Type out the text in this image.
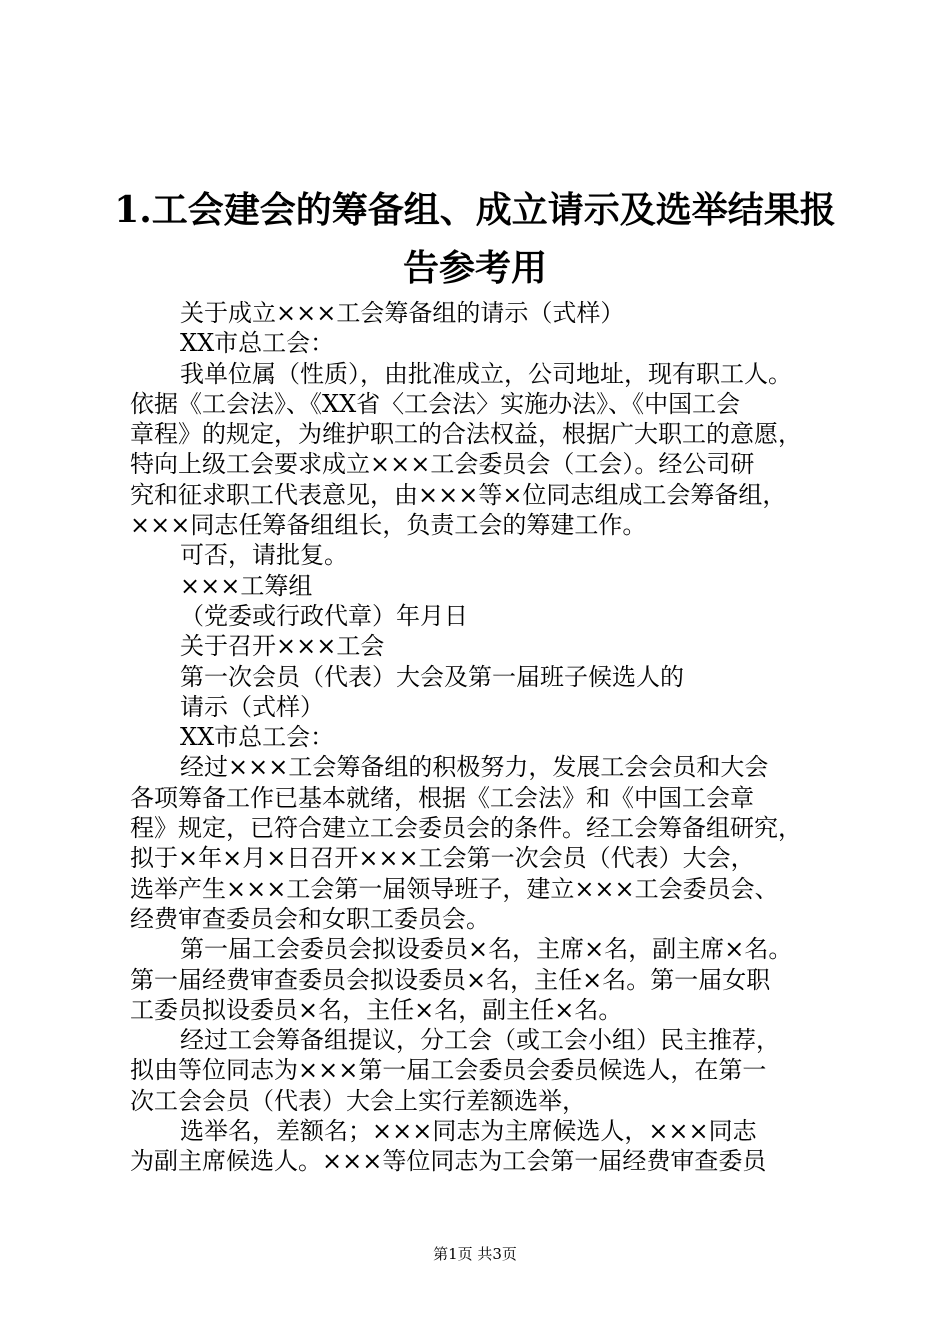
1.工会建会的筹备组、成立请示及选举结果报
告参考用
关于成立×××工会筹备组的请示（式样）
XX市总工会：
我单位属（性质），由批准成立，公司地址，现有职工人。
依据《工会法》、《XX省〈工会法〉实施办法》、《中国工会
章程》的规定，为维护职工的合法权益，根据广大职工的意愿，
特向上级工会要求成立×××工会委员会（工会）。经公司研
究和征求职工代表意见，由×××等×位同志组成工会筹备组，
×××同志任筹备组组长，负责工会的筹建工作。
可否，请批复。
×××工筹组
（党委或行政代章）年月日
关于召开×××工会
第一次会员（代表）大会及第一届班子候选人的
请示（式样）
XX市总工会：
经过×××工会筹备组的积极努力，发展工会会员和大会
各项筹备工作已基本就绪，根据《工会法》和《中国工会章
程》规定，已符合建立工会委员会的条件。经工会筹备组研究，
拟于×年×月×日召开×××工会第一次会员（代表）大会，
选举产生×××工会第一届领导班子，建立×××工会委员会、
经费审查委员会和女职工委员会。
第一届工会委员会拟设委员×名，主席×名，副主席×名。
第一届经费审查委员会拟设委员×名，主任×名。第一届女职
工委员拟设委员×名，主任×名，副主任×名。
经过工会筹备组提议，分工会（或工会小组）民主推荐，
拟由等位同志为×××第一届工会委员会委员候选人，在第一
次工会会员（代表）大会上实行差额选举，
选举名，差额名；×××同志为主席候选人，×××同志
为副主席候选人。×××等位同志为工会第一届经费审查委员
第1页 共3页
